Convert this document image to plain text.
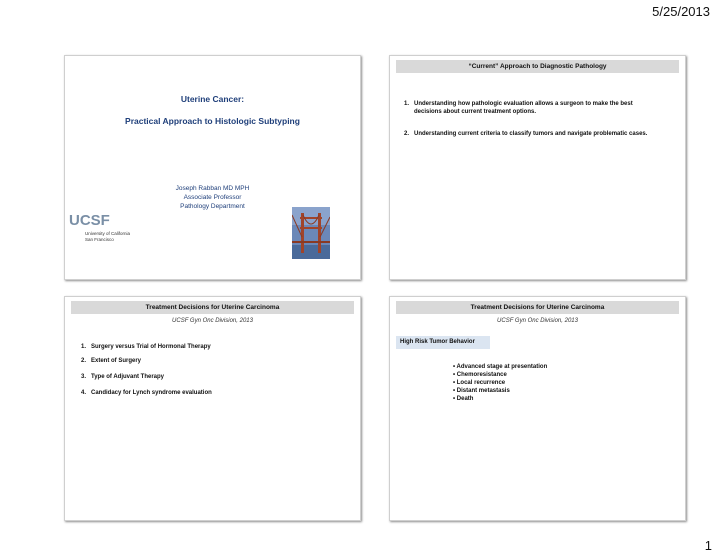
5/25/2013
Uterine Cancer:
Practical Approach to Histologic Subtyping
Joseph Rabban MD MPH
Associate Professor
Pathology Department
UCSF
University of California
San Francisco
“Current” Approach to Diagnostic Pathology
1. Understanding how pathologic evaluation allows a surgeon to make the best decisions about current treatment options.
2. Understanding current criteria to classify tumors and navigate problematic cases.
Treatment Decisions for Uterine Carcinoma
UCSF Gyn Onc Division, 2013
1. Surgery versus Trial of Hormonal Therapy
2. Extent of Surgery
3. Type of Adjuvant Therapy
4. Candidacy for Lynch syndrome evaluation
Treatment Decisions for Uterine Carcinoma
UCSF Gyn Onc Division, 2013
High Risk Tumor Behavior
• Advanced stage at presentation
• Chemoresistance
• Local recurrence
• Distant metastasis
• Death
1
